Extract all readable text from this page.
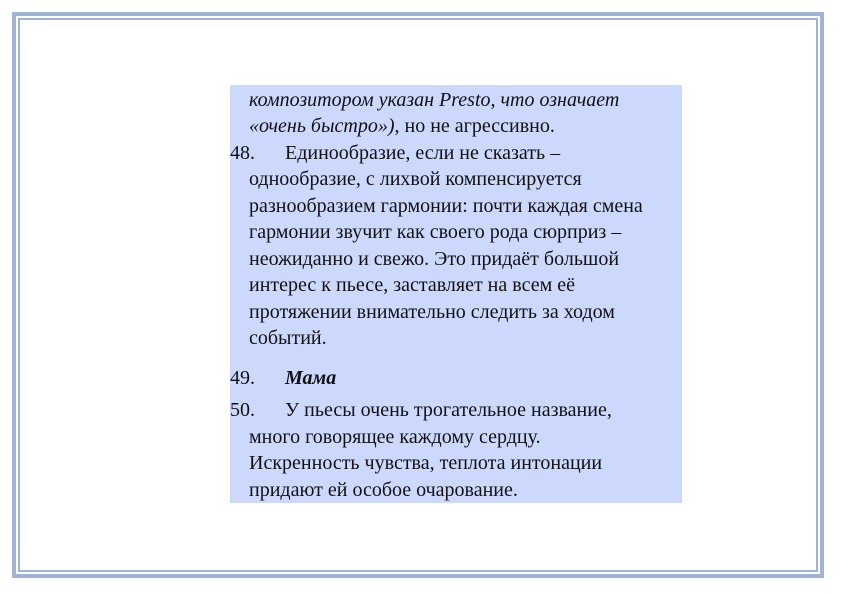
композитором указан Presto, что означает
«очень быстро»), но не агрессивно.
48. Единообразие, если не сказать –
однообразие, с лихвой компенсируется
разнообразием гармонии: почти каждая смена
гармонии звучит как своего рода сюрприз –
неожиданно и свежо. Это придаёт большой
интерес к пьесе, заставляет на всем её
протяжении внимательно следить за ходом
событий.
49. Мама
50. У пьесы очень трогательное название,
много говорящее каждому сердцу.
Искренность чувства, теплота интонации
придают ей особое очарование.
